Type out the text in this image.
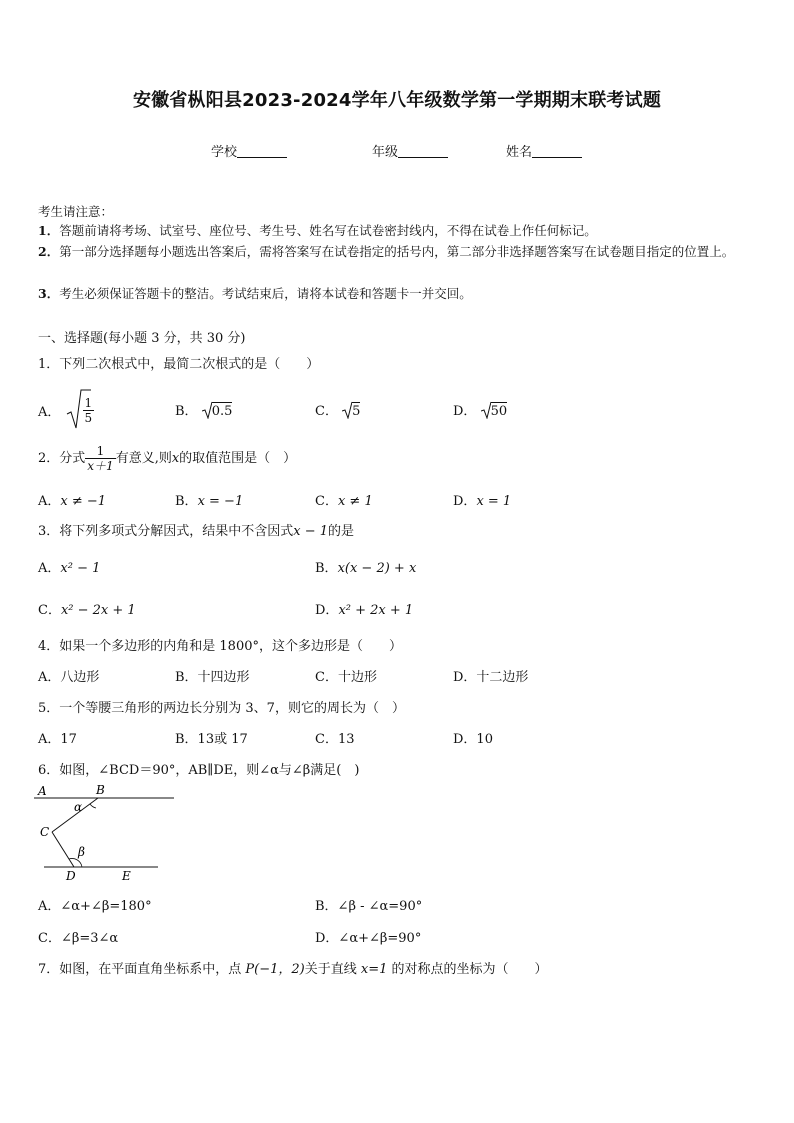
安徽省枞阳县2023-2024学年八年级数学第一学期期末联考试题
学校	年级	姓名
考生请注意：
1．答题前请将考场、试室号、座位号、考生号、姓名写在试卷密封线内，不得在试卷上作任何标记。
2．第一部分选择题每小题选出答案后，需将答案写在试卷指定的括号内，第二部分非选择题答案写在试卷题目指定的位置上。
3．考生必须保证答题卡的整洁。考试结束后，请将本试卷和答题卡一并交回。
一、选择题(每小题 3 分，共 30 分)
1．下列二次根式中，最简二次根式的是（　　）
A． $\frac{1}{5}$	B． 0.5	C． 5	D． 50
2．分式 $\frac{1}{x+1}$ 有意义,则x的取值范围是（　）
A．x ≠ −1	B．x = −1	C．x ≠ 1	D．x = 1
3．将下列多项式分解因式，结果中不含因式x − 1的是
A．x² − 1	B．x(x − 2) + x
C．x² − 2x + 1	D．x² + 2x + 1
4．如果一个多边形的内角和是 1800°，这个多边形是（　　）
A．八边形	B．十四边形	C．十边形	D．十二边形
5．一个等腰三角形的两边长分别为 3、7，则它的周长为（　）
A．17	B．13或 17	C．13	D．10
6．如图，∠BCD＝90°，AB∥DE，则∠α与∠β满足(　)
A	B
C
D	E
α
β
A．∠α+∠β=180°	B．∠β - ∠α=90°
C．∠β=3∠α	D．∠α+∠β=90°
7．如图，在平面直角坐标系中，点 P(−1，2)关于直线 x=1 的对称点的坐标为（　　）
